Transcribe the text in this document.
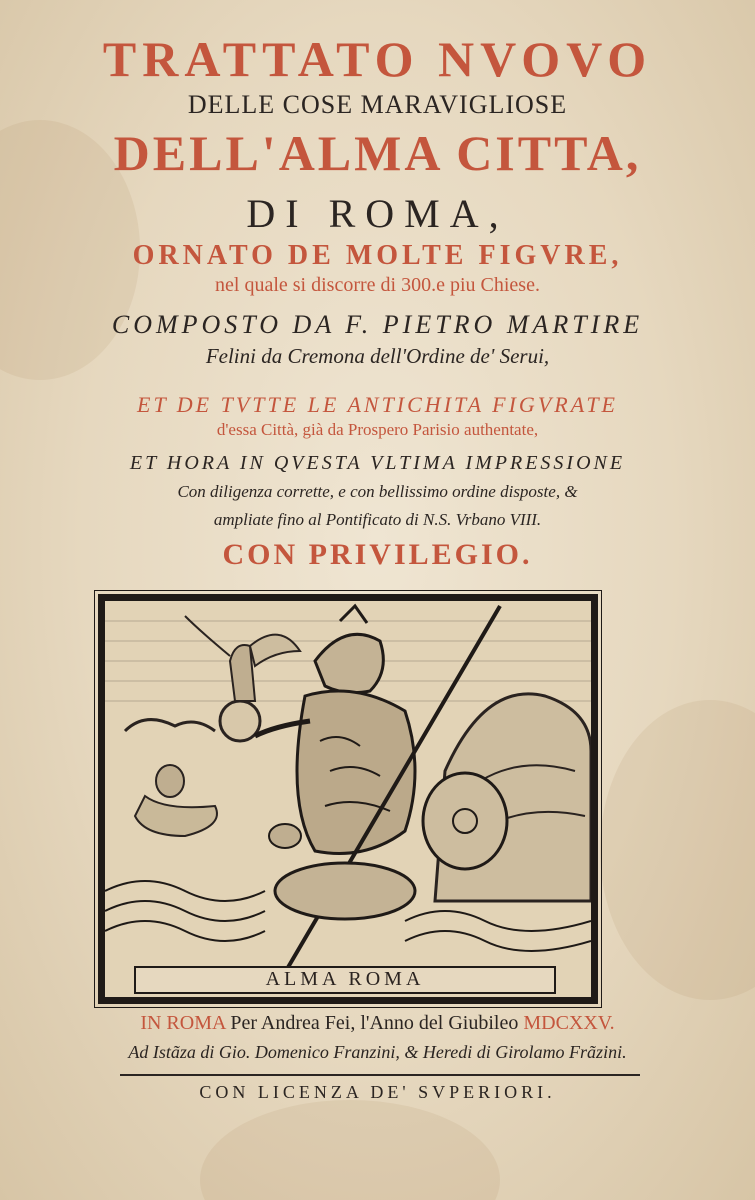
TRATTATO NVOVO
DELLE COSE MARAVIGLIOSE
DELL'ALMA CITTA,
DI ROMA,
ORNATO DE MOLTE FIGVRE,
nel quale si discorre di 300.e piu Chiese.
COMPOSTO DA F. PIETRO MARTIRE
Felini da Cremona dell'Ordine de' Serui,
ET DE TVTTE LE ANTICHITA FIGVRATE
d'essa Città, già da Prospero Parisio authentate,
ET HORA IN QVESTA VLTIMA IMPRESSIONE
Con diligenza corrette, e con bellissimo ordine disposte, &
ampliate fino al Pontificato di N.S. Vrbano VIII.
CON PRIVILEGIO.
ALMA ROMA
IN ROMA Per Andrea Fei, l'Anno del Giubileo MDCXXV.
Ad Istãza di Gio. Domenico Franzini, & Heredi di Girolamo Frãzini.
CON LICENZA DE' SVPERIORI.
